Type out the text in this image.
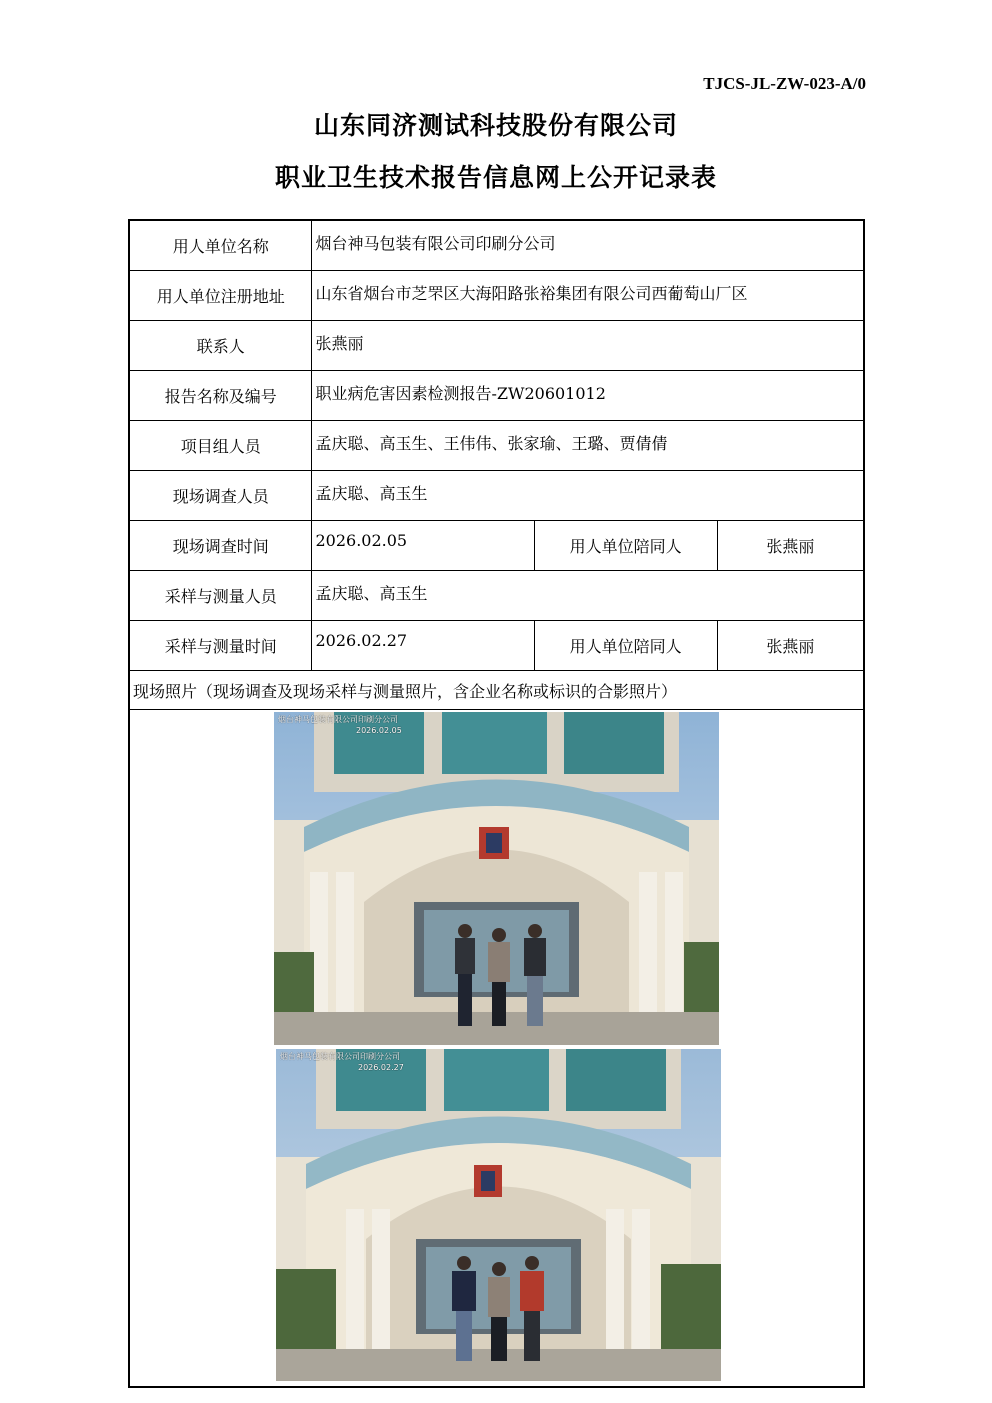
TJCS-JL-ZW-023-A/0
山东同济测试科技股份有限公司
职业卫生技术报告信息网上公开记录表
用人单位名称	烟台神马包装有限公司印刷分公司		
用人单位注册地址	山东省烟台市芝罘区大海阳路张裕集团有限公司西葡萄山厂区		
联系人	张燕丽		
报告名称及编号	职业病危害因素检测报告-ZW20601012		
项目组人员	孟庆聪、高玉生、王伟伟、张家瑜、王璐、贾倩倩		
现场调查人员	孟庆聪、高玉生		
现场调查时间	2026.02.05	用人单位陪同人	张燕丽
采样与测量人员	孟庆聪、高玉生		
采样与测量时间	2026.02.27	用人单位陪同人	张燕丽
现场照片（现场调查及现场采样与测量照片，含企业名称或标识的合影照片）			

烟台神马包装有限公司印刷分公司
2026.02.05
烟台神马包装有限公司印刷分公司
2026.02.27			
